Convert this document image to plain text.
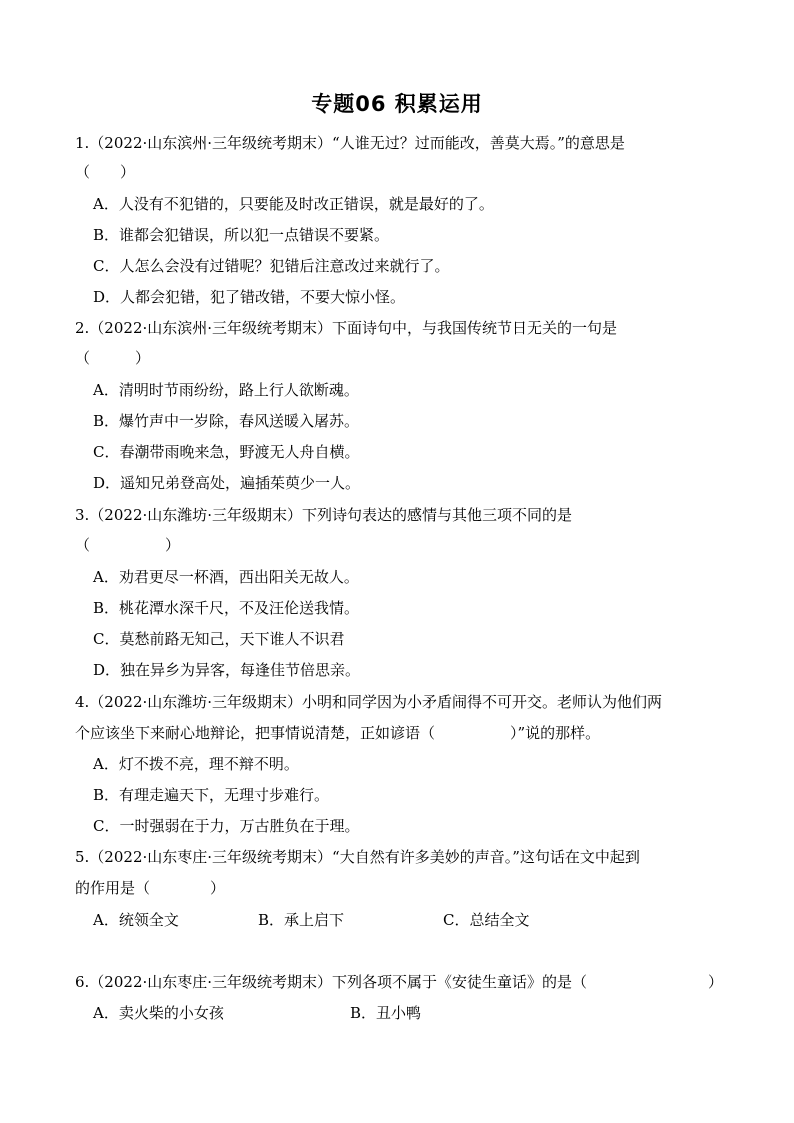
专题06 积累运用
1.（2022·山东滨州·三年级统考期末）“人谁无过？过而能改，善莫大焉。”的意思是
（　　）
A．人没有不犯错的，只要能及时改正错误，就是最好的了。
B．谁都会犯错误，所以犯一点错误不要紧。
C．人怎么会没有过错呢？犯错后注意改过来就行了。
D．人都会犯错，犯了错改错，不要大惊小怪。
2.（2022·山东滨州·三年级统考期末）下面诗句中，与我国传统节日无关的一句是
（　　　）
A．清明时节雨纷纷，路上行人欲断魂。
B．爆竹声中一岁除，春风送暖入屠苏。
C．春潮带雨晚来急，野渡无人舟自横。
D．遥知兄弟登高处，遍插茱萸少一人。
3.（2022·山东潍坊·三年级期末）下列诗句表达的感情与其他三项不同的是
（　　　　　）
A．劝君更尽一杯酒，西出阳关无故人。
B．桃花潭水深千尺，不及汪伦送我情。
C．莫愁前路无知己，天下谁人不识君
D．独在异乡为异客，每逢佳节倍思亲。
4.（2022·山东潍坊·三年级期末）小明和同学因为小矛盾闹得不可开交。老师认为他们两
个应该坐下来耐心地辩论，把事情说清楚，正如谚语（　　　　　）”说的那样。
A．灯不拨不亮，理不辩不明。
B．有理走遍天下，无理寸步难行。
C．一时强弱在于力，万古胜负在于理。
5.（2022·山东枣庄·三年级统考期末）“大自然有许多美妙的声音。”这句话在文中起到
的作用是（　　　　）
A．统领全文	B．承上启下	C．总结全文
6.（2022·山东枣庄·三年级统考期末）下列各项不属于《安徒生童话》的是（	）
A．卖火柴的小女孩	B．丑小鸭
